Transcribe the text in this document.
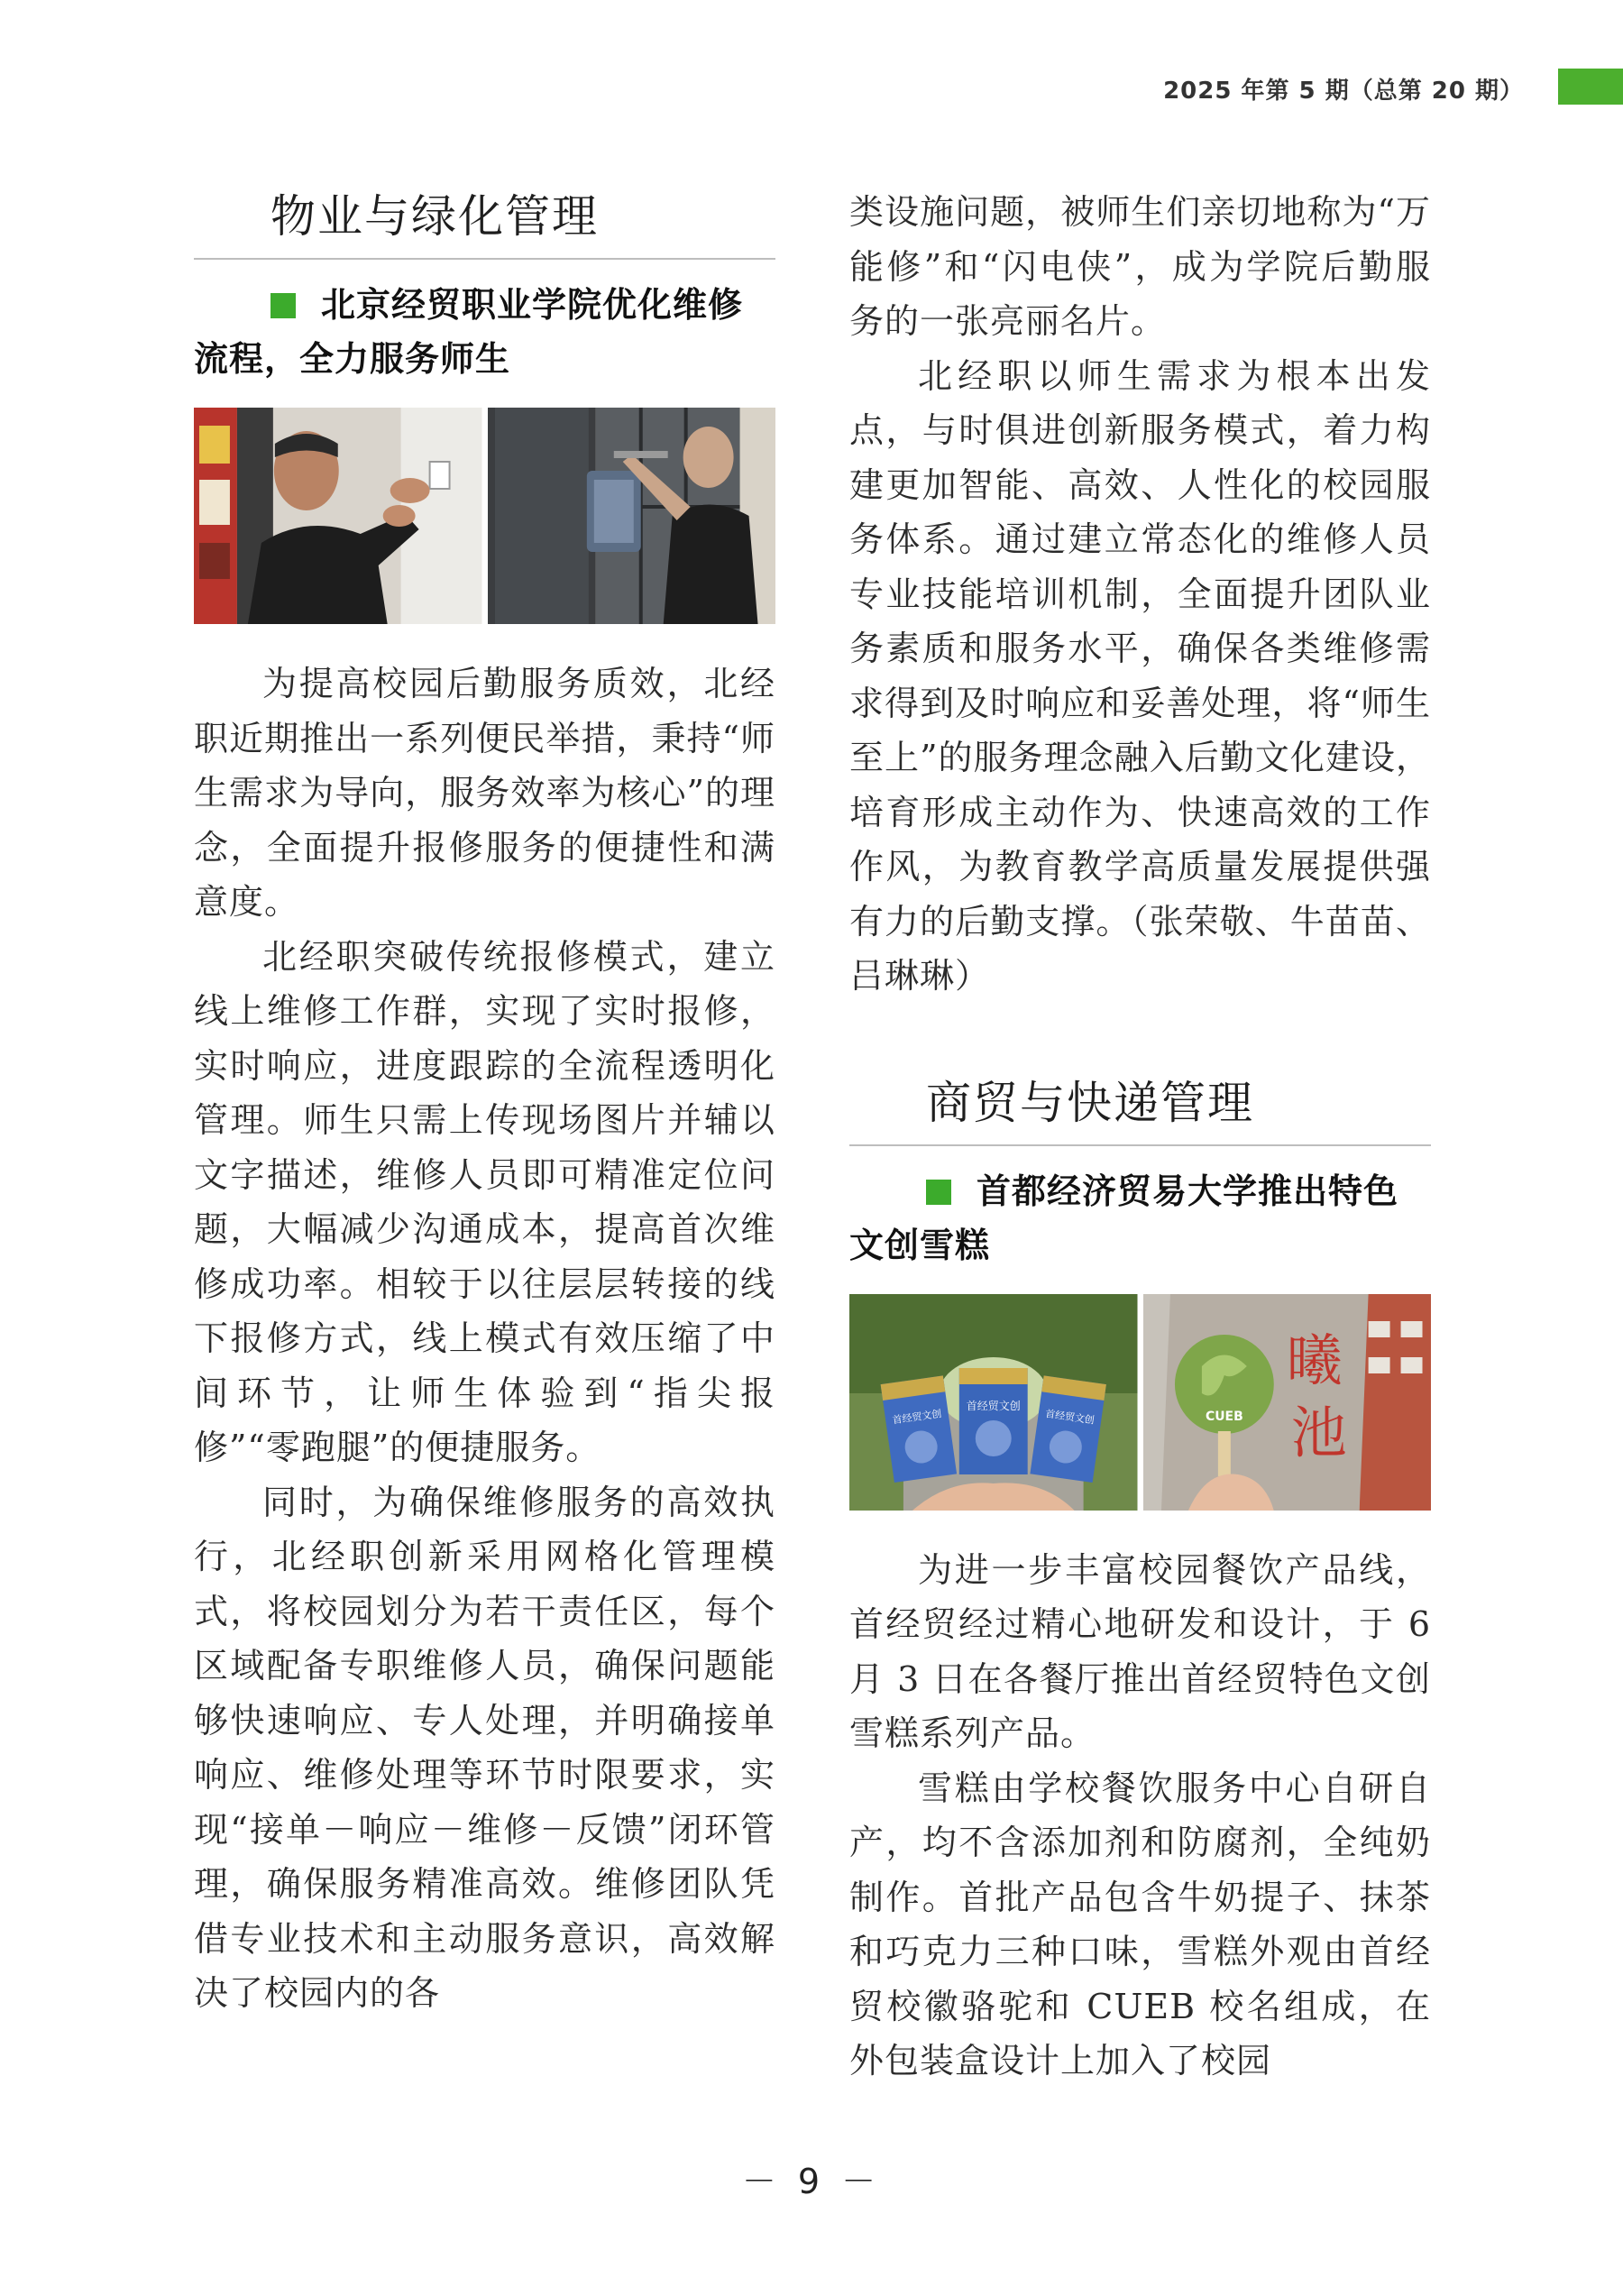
2025 年第 5 期（总第 20 期）
物业与绿化管理

北京经贸职业学院优化维修流程，全力服务师生

为提高校园后勤服务质效，北经职近期推出一系列便民举措，秉持“师生需求为导向，服务效率为核心”的理念，全面提升报修服务的便捷性和满意度。

北经职突破传统报修模式，建立线上维修工作群，实现了实时报修，实时响应，进度跟踪的全流程透明化管理。师生只需上传现场图片并辅以文字描述，维修人员即可精准定位问题，大幅减少沟通成本，提高首次维修成功率。相较于以往层层转接的线下报修方式，线上模式有效压缩了中间环节，让师生体验到“指尖报修”“零跑腿”的便捷服务。

同时，为确保维修服务的高效执行，北经职创新采用网格化管理模式，将校园划分为若干责任区，每个区域配备专职维修人员，确保问题能够快速响应、专人处理，并明确接单响应、维修处理等环节时限要求，实现“接单－响应－维修－反馈”闭环管理，确保服务精准高效。维修团队凭借专业技术和主动服务意识，高效解决了校园内的各

类设施问题，被师生们亲切地称为“万能修”和“闪电侠”，成为学院后勤服务的一张亮丽名片。

北经职以师生需求为根本出发点，与时俱进创新服务模式，着力构建更加智能、高效、人性化的校园服务体系。通过建立常态化的维修人员专业技能培训机制，全面提升团队业务素质和服务水平，确保各类维修需求得到及时响应和妥善处理，将“师生至上”的服务理念融入后勤文化建设，培育形成主动作为、快速高效的工作作风，为教育教学高质量发展提供强有力的后勤支撑。（张荣敬、牛苗苗、吕琳琳）

商贸与快递管理

首都经济贸易大学推出特色文创雪糕

首经贸文创
首经贸文创
首经贸文创
曦
池
CUEB

为进一步丰富校园餐饮产品线，首经贸经过精心地研发和设计，于 6 月 3 日在各餐厅推出首经贸特色文创雪糕系列产品。

雪糕由学校餐饮服务中心自研自产，均不含添加剂和防腐剂，全纯奶制作。首批产品包含牛奶提子、抹茶和巧克力三种口味，雪糕外观由首经贸校徽骆驼和 CUEB 校名组成，在外包装盒设计上加入了校园

－ 9 －
